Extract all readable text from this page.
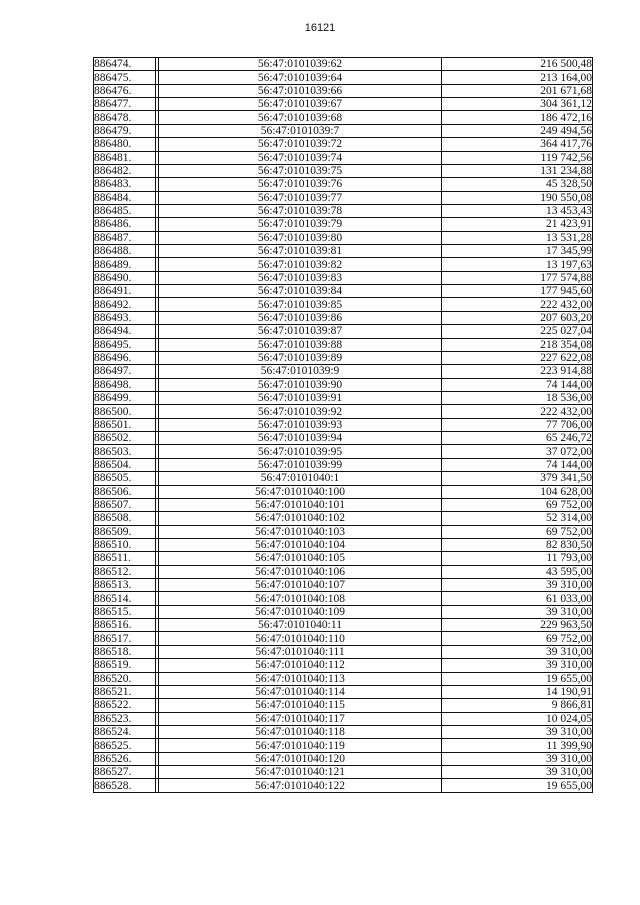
16121
886474.		56:47:0101039:62	216 500,48
886475.		56:47:0101039:64	213 164,00
886476.		56:47:0101039:66	201 671,68
886477.		56:47:0101039:67	304 361,12
886478.		56:47:0101039:68	186 472,16
886479.		56:47:0101039:7	249 494,56
886480.		56:47:0101039:72	364 417,76
886481.		56:47:0101039:74	119 742,56
886482.		56:47:0101039:75	131 234,88
886483.		56:47:0101039:76	45 328,50
886484.		56:47:0101039:77	190 550,08
886485.		56:47:0101039:78	13 453,43
886486.		56:47:0101039:79	21 423,91
886487.		56:47:0101039:80	13 531,28
886488.		56:47:0101039:81	17 345,99
886489.		56:47:0101039:82	13 197,63
886490.		56:47:0101039:83	177 574,88
886491.		56:47:0101039:84	177 945,60
886492.		56:47:0101039:85	222 432,00
886493.		56:47:0101039:86	207 603,20
886494.		56:47:0101039:87	225 027,04
886495.		56:47:0101039:88	218 354,08
886496.		56:47:0101039:89	227 622,08
886497.		56:47:0101039:9	223 914,88
886498.		56:47:0101039:90	74 144,00
886499.		56:47:0101039:91	18 536,00
886500.		56:47:0101039:92	222 432,00
886501.		56:47:0101039:93	77 706,00
886502.		56:47:0101039:94	65 246,72
886503.		56:47:0101039:95	37 072,00
886504.		56:47:0101039:99	74 144,00
886505.		56:47:0101040:1	379 341,50
886506.		56:47:0101040:100	104 628,00
886507.		56:47:0101040:101	69 752,00
886508.		56:47:0101040:102	52 314,00
886509.		56:47:0101040:103	69 752,00
886510.		56:47:0101040:104	82 830,50
886511.		56:47:0101040:105	11 793,00
886512.		56:47:0101040:106	43 595,00
886513.		56:47:0101040:107	39 310,00
886514.		56:47:0101040:108	61 033,00
886515.		56:47:0101040:109	39 310,00
886516.		56:47:0101040:11	229 963,50
886517.		56:47:0101040:110	69 752,00
886518.		56:47:0101040:111	39 310,00
886519.		56:47:0101040:112	39 310,00
886520.		56:47:0101040:113	19 655,00
886521.		56:47:0101040:114	14 190,91
886522.		56:47:0101040:115	9 866,81
886523.		56:47:0101040:117	10 024,05
886524.		56:47:0101040:118	39 310,00
886525.		56:47:0101040:119	11 399,90
886526.		56:47:0101040:120	39 310,00
886527.		56:47:0101040:121	39 310,00
886528.		56:47:0101040:122	19 655,00
